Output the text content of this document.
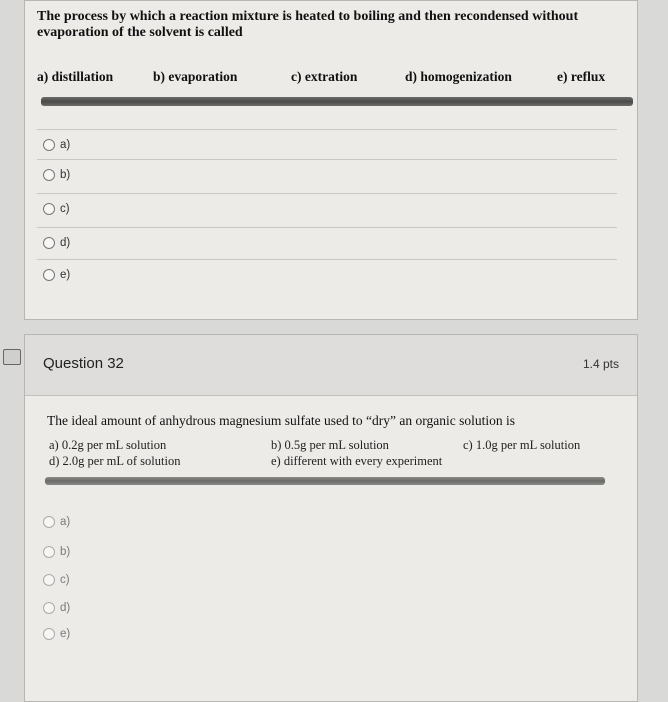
The process by which a reaction mixture is heated to boiling and then recondensed without evaporation of the solvent is called
a) distillation	b) evaporation	c) extration	d) homogenization	e) reflux
a)
b)
c)
d)
e)
Question 32	1.4 pts
The ideal amount of anhydrous magnesium sulfate used to “dry” an organic solution is
a) 0.2g per mL solution	b) 0.5g per mL solution	c) 1.0g per mL solution
d) 2.0g per mL of solution	e) different with every experiment
a)
b)
c)
d)
e)
